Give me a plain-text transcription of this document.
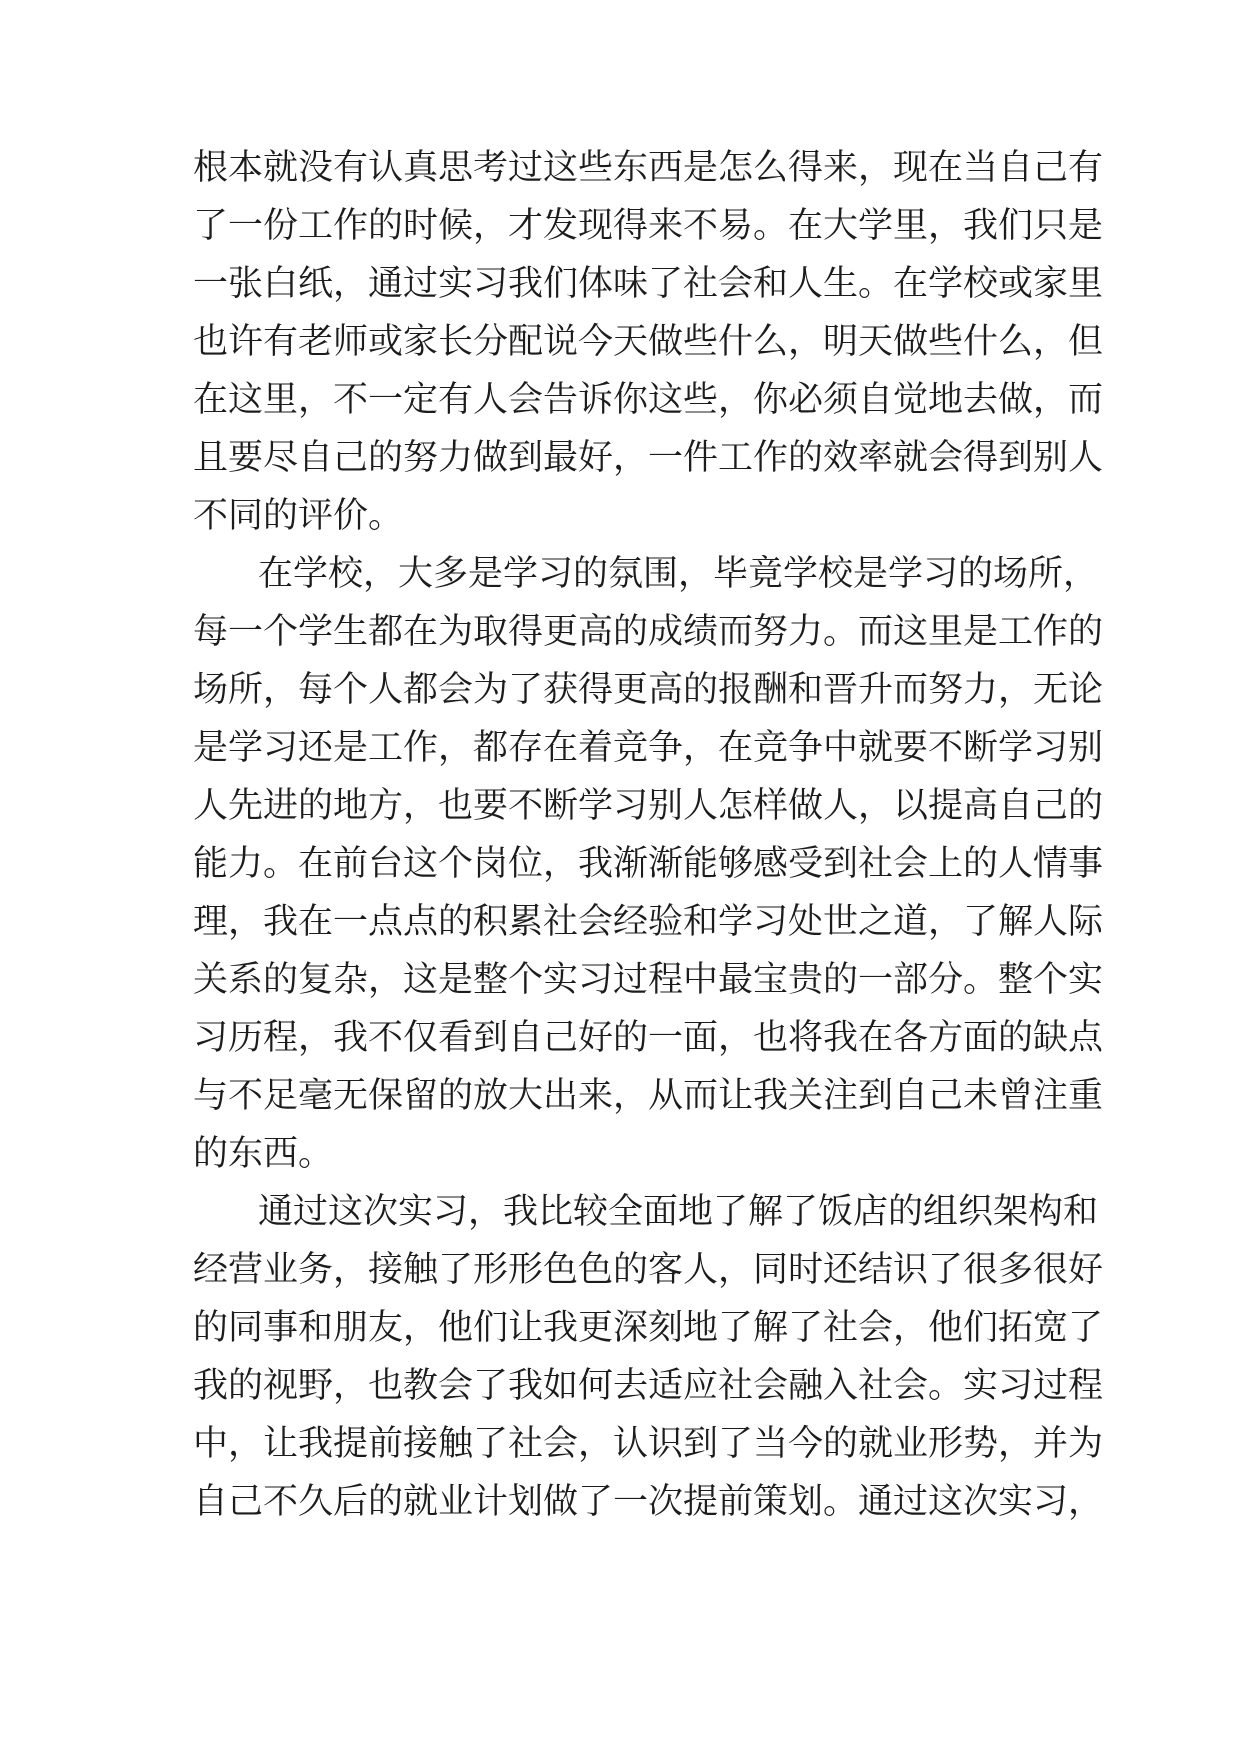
根本就没有认真思考过这些东西是怎么得来，现在当自己有
了一份工作的时候，才发现得来不易。在大学里，我们只是
一张白纸，通过实习我们体味了社会和人生。在学校或家里
也许有老师或家长分配说今天做些什么，明天做些什么，但
在这里，不一定有人会告诉你这些，你必须自觉地去做，而
且要尽自己的努力做到最好，一件工作的效率就会得到别人
不同的评价。
在学校，大多是学习的氛围，毕竟学校是学习的场所，
每一个学生都在为取得更高的成绩而努力。而这里是工作的
场所，每个人都会为了获得更高的报酬和晋升而努力，无论
是学习还是工作，都存在着竞争，在竞争中就要不断学习别
人先进的地方，也要不断学习别人怎样做人，以提高自己的
能力。在前台这个岗位，我渐渐能够感受到社会上的人情事
理，我在一点点的积累社会经验和学习处世之道，了解人际
关系的复杂，这是整个实习过程中最宝贵的一部分。整个实
习历程，我不仅看到自己好的一面，也将我在各方面的缺点
与不足毫无保留的放大出来，从而让我关注到自己未曾注重
的东西。
通过这次实习，我比较全面地了解了饭店的组织架构和
经营业务，接触了形形色色的客人，同时还结识了很多很好
的同事和朋友，他们让我更深刻地了解了社会，他们拓宽了
我的视野，也教会了我如何去适应社会融入社会。实习过程
中，让我提前接触了社会，认识到了当今的就业形势，并为
自己不久后的就业计划做了一次提前策划。通过这次实习，
